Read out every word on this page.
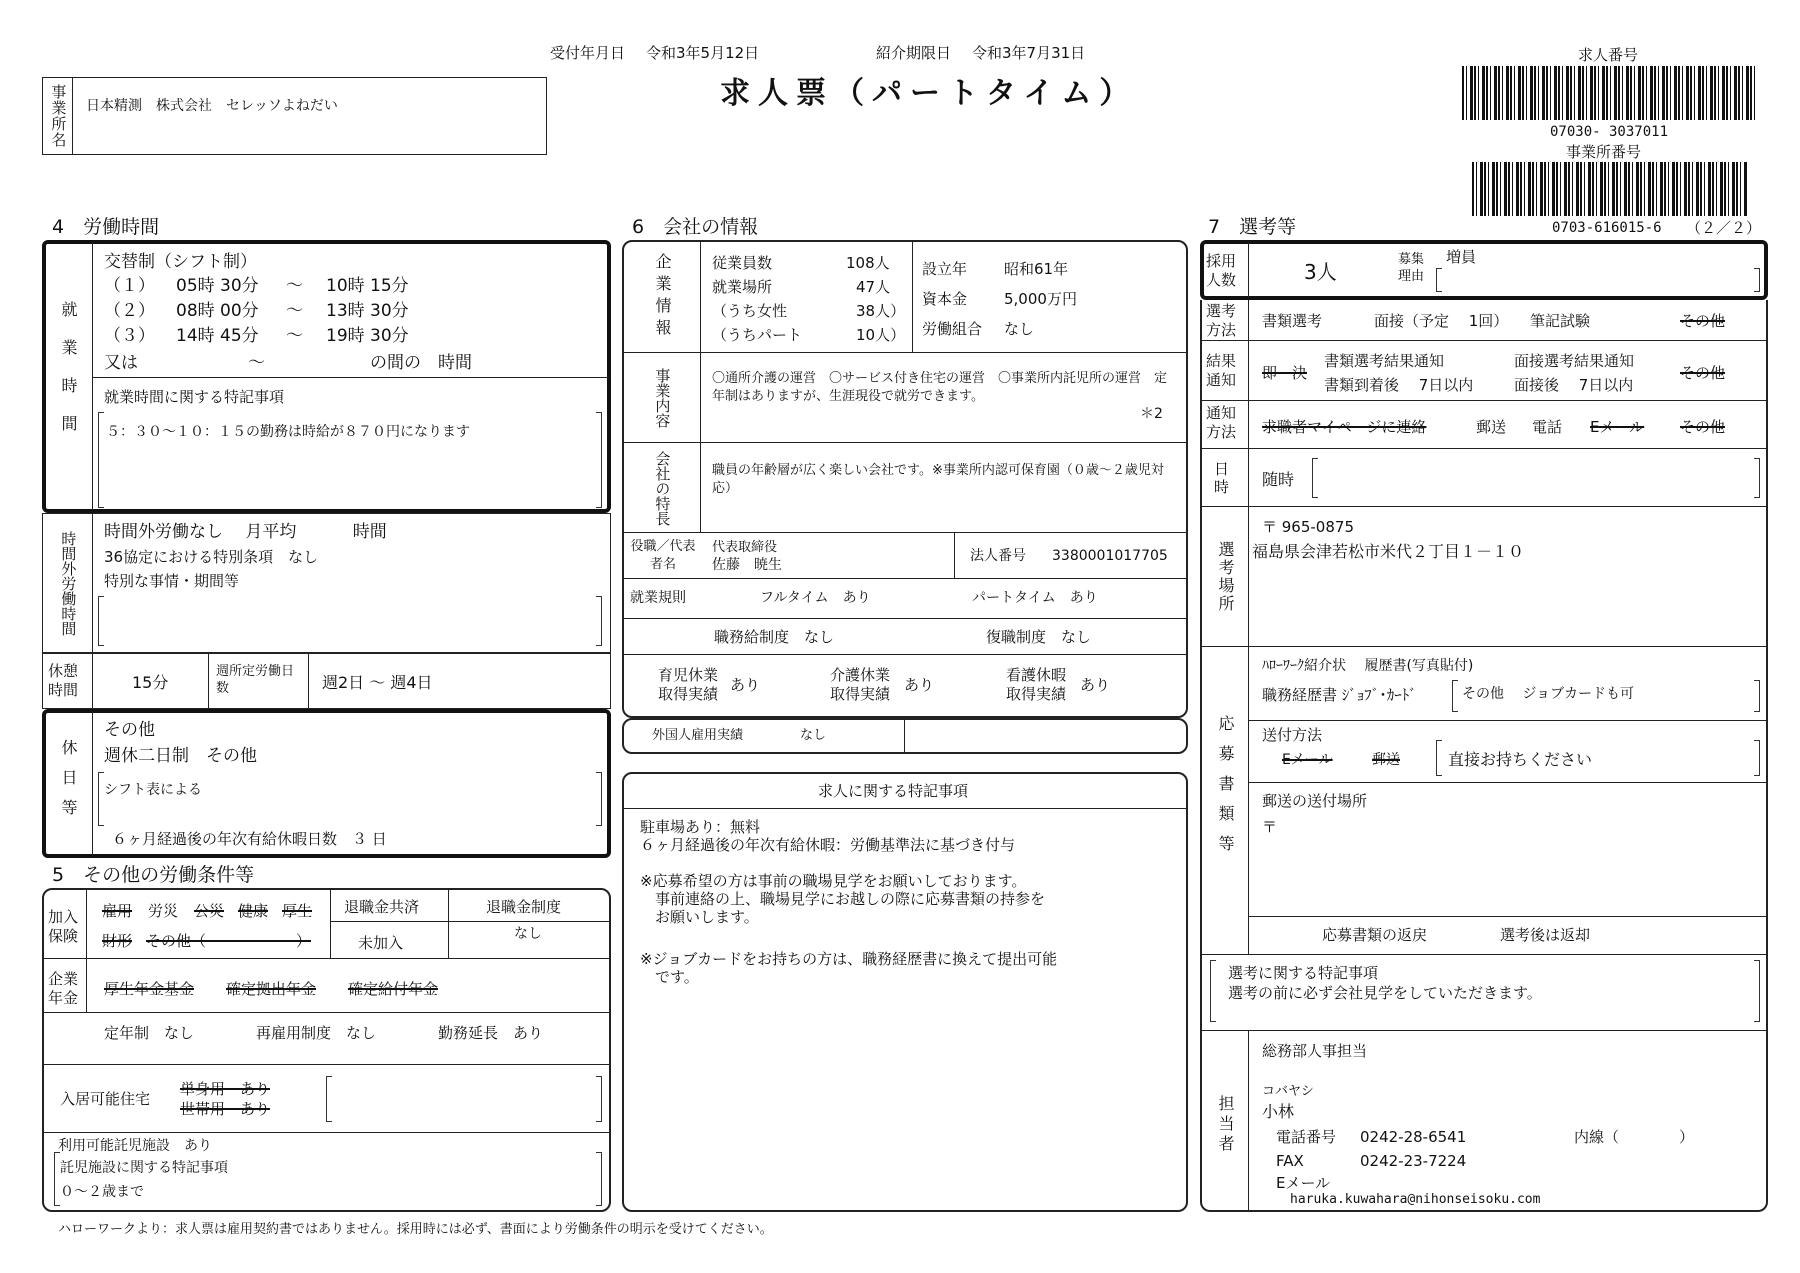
受付年月日 令和3年5月12日	紹介期限日 令和3年7月31日
求人票（パートタイム）
事業所名 日本精測　株式会社　セレッソよねだい
求人番号
07030- 3037011
事業所番号
0703-616015-6 （２／２）
4　労働時間
就業時間
交替制（シフト制）
（１） 05時 30分 ～ 10時 15分
（２） 08時 00分 ～ 13時 30分
（３） 14時 45分 ～ 19時 30分
又は	～	の間の　時間
就業時間に関する特記事項
５：３０～１０：１５の勤務は時給が８７０円になります
時間外労働時間 時間外労働なし　 月平均　　　 時間
36協定における特別条項　なし
特別な事情・期間等
休憩時間	15分
週所定労働日数	週2日 ～ 週4日
休日等
その他
週休二日制　その他
シフト表による
６ヶ月経過後の年次有給休暇日数　３ 日
5　その他の労働条件等
加入保険
雇用 労災 公災 健康 厚生
財形 その他（　　　　　　）
退職金共済
未加入
退職金制度
なし
企業年金	厚生年金基金 確定拠出年金 確定給付年金
定年制　なし	再雇用制度　なし	勤務延長　あり
入居可能住宅
単身用　あり
世帯用　あり
利用可能託児施設　あり
託児施設に関する特記事項
０～２歳まで
6　会社の情報
企業情報	従業員数	108人
就業場所	47人
（うち女性	38人）
（うちパート	10人）
設立年 昭和61年
資本金 5,000万円
労働組合 なし
事業内容	〇通所介護の運営　〇サービス付き住宅の運営　〇事業所内託児所の運営　定年制はありますが、生涯現役で就労できます。
＊2
会社の特長	職員の年齢層が広く楽しい会社です。※事業所内認可保育園（０歳～２歳児対応）
役職／代表者名
代表取締役
佐藤　暁生
法人番号 3380001017705
就業規則	フルタイム　あり	パートタイム　あり
職務給制度　なし	復職制度　なし
育児休業取得実績 あり
介護休業取得実績 あり
看護休暇取得実績 あり
外国人雇用実績	なし
求人に関する特記事項
駐車場あり：無料
６ヶ月経過後の年次有給休暇：労働基準法に基づき付与
※応募希望の方は事前の職場見学をお願いしております。
　事前連絡の上、職場見学にお越しの際に応募書類の持参を
　お願いします。
※ジョブカードをお持ちの方は、職務経歴書に換えて提出可能
　です。
7　選考等
採用人数	3人
募集理由
増員
選考方法	書類選考	面接（予定　 1回） 筆記試験	その他
結果通知	即　決
書類選考結果通知
書類到着後　 7日以内
面接選考結果通知
面接後　 7日以内
その他
通知方法	求職者マイページに連絡	郵送 電話 Eメール その他
日時	随時
選考場所
〒 965-0875
福島県会津若松市米代２丁目１－１０
応募書類等
ﾊﾛｰﾜｰｸ紹介状　 履歴書(写真貼付)
職務経歴書 ｼﾞｮﾌﾞ･ｶｰﾄﾞ	その他　 ジョブカードも可
送付方法
Eメール	郵送	直接お持ちください
郵送の送付場所
〒
応募書類の返戻	選考後は返却
選考に関する特記事項
選考の前に必ず会社見学をしていただきます。
担当者
総務部人事担当
コバヤシ
小林
電話番号 0242-28-6541	内線（　　　　）
FAX	0242-23-7224
Eメール
haruka.kuwahara@nihonseisoku.com
ハローワークより：求人票は雇用契約書ではありません。採用時には必ず、書面により労働条件の明示を受けてください。
